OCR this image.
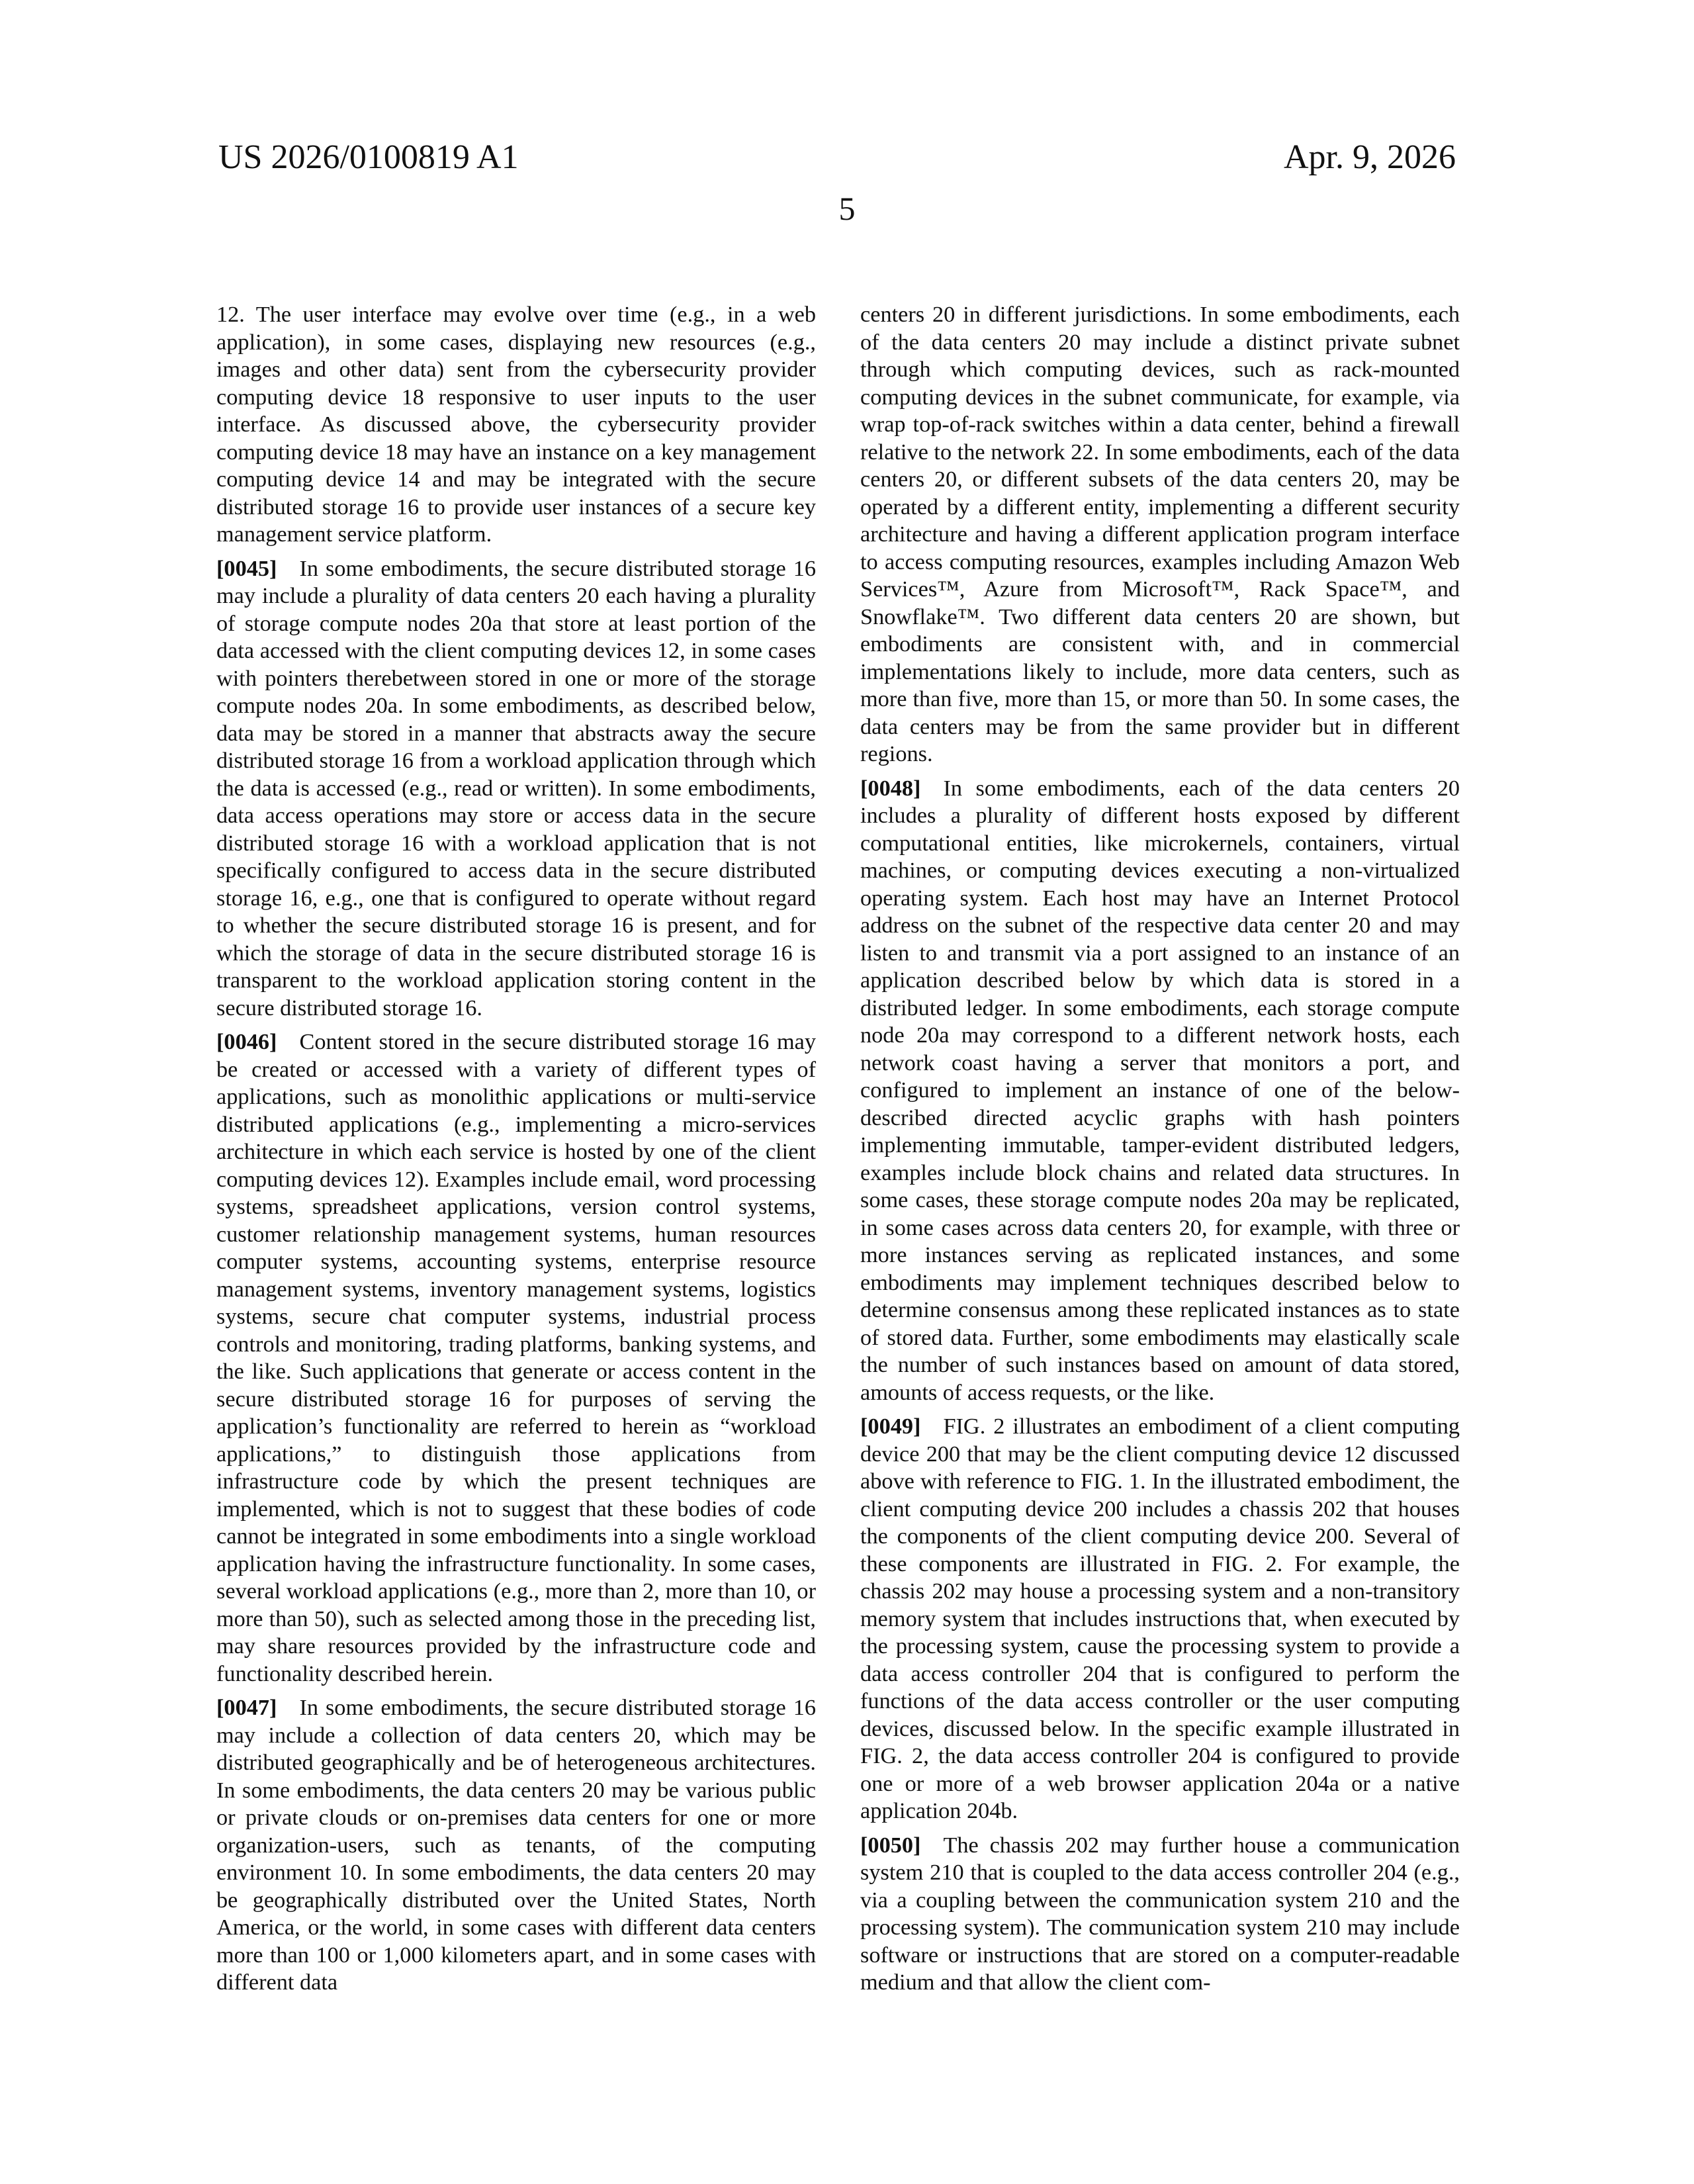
US 2026/0100819 A1	Apr. 9, 2026
5

12. The user interface may evolve over time (e.g., in a web application), in some cases, displaying new resources (e.g., images and other data) sent from the cybersecurity provider computing device 18 responsive to user inputs to the user interface. As discussed above, the cybersecurity provider computing device 18 may have an instance on a key management computing device 14 and may be integrated with the secure distributed storage 16 to provide user instances of a secure key management service platform.

[0045] In some embodiments, the secure distributed storage 16 may include a plurality of data centers 20 each having a plurality of storage compute nodes 20a that store at least portion of the data accessed with the client computing devices 12, in some cases with pointers therebetween stored in one or more of the storage compute nodes 20a. In some embodiments, as described below, data may be stored in a manner that abstracts away the secure distributed storage 16 from a workload application through which the data is accessed (e.g., read or written). In some embodiments, data access operations may store or access data in the secure distributed storage 16 with a workload application that is not specifically configured to access data in the secure distributed storage 16, e.g., one that is configured to operate without regard to whether the secure distributed storage 16 is present, and for which the storage of data in the secure distributed storage 16 is transparent to the workload application storing content in the secure distributed storage 16.

[0046] Content stored in the secure distributed storage 16 may be created or accessed with a variety of different types of applications, such as monolithic applications or multi-service distributed applications (e.g., implementing a micro-services architecture in which each service is hosted by one of the client computing devices 12). Examples include email, word processing systems, spreadsheet applications, version control systems, customer relationship management systems, human resources computer systems, accounting systems, enterprise resource management systems, inventory management systems, logistics systems, secure chat computer systems, industrial process controls and monitoring, trading platforms, banking systems, and the like. Such applications that generate or access content in the secure distributed storage 16 for purposes of serving the application’s functionality are referred to herein as “workload applications,” to distinguish those applications from infrastructure code by which the present techniques are implemented, which is not to suggest that these bodies of code cannot be integrated in some embodiments into a single workload application having the infrastructure functionality. In some cases, several workload applications (e.g., more than 2, more than 10, or more than 50), such as selected among those in the preceding list, may share resources provided by the infrastructure code and functionality described herein.

[0047] In some embodiments, the secure distributed storage 16 may include a collection of data centers 20, which may be distributed geographically and be of heterogeneous architectures. In some embodiments, the data centers 20 may be various public or private clouds or on-premises data centers for one or more organization-users, such as tenants, of the computing environment 10. In some embodiments, the data centers 20 may be geographically distributed over the United States, North America, or the world, in some cases with different data centers more than 100 or 1,000 kilometers apart, and in some cases with different data

centers 20 in different jurisdictions. In some embodiments, each of the data centers 20 may include a distinct private subnet through which computing devices, such as rack-mounted computing devices in the subnet communicate, for example, via wrap top-of-rack switches within a data center, behind a firewall relative to the network 22. In some embodiments, each of the data centers 20, or different subsets of the data centers 20, may be operated by a different entity, implementing a different security architecture and having a different application program interface to access computing resources, examples including Amazon Web Services™, Azure from Microsoft™, Rack Space™, and Snowflake™. Two different data centers 20 are shown, but embodiments are consistent with, and in commercial implementations likely to include, more data centers, such as more than five, more than 15, or more than 50. In some cases, the data centers may be from the same provider but in different regions.

[0048] In some embodiments, each of the data centers 20 includes a plurality of different hosts exposed by different computational entities, like microkernels, containers, virtual machines, or computing devices executing a non-virtualized operating system. Each host may have an Internet Protocol address on the subnet of the respective data center 20 and may listen to and transmit via a port assigned to an instance of an application described below by which data is stored in a distributed ledger. In some embodiments, each storage compute node 20a may correspond to a different network hosts, each network coast having a server that monitors a port, and configured to implement an instance of one of the below-described directed acyclic graphs with hash pointers implementing immutable, tamper-evident distributed ledgers, examples include block chains and related data structures. In some cases, these storage compute nodes 20a may be replicated, in some cases across data centers 20, for example, with three or more instances serving as replicated instances, and some embodiments may implement techniques described below to determine consensus among these replicated instances as to state of stored data. Further, some embodiments may elastically scale the number of such instances based on amount of data stored, amounts of access requests, or the like.

[0049] FIG. 2 illustrates an embodiment of a client computing device 200 that may be the client computing device 12 discussed above with reference to FIG. 1. In the illustrated embodiment, the client computing device 200 includes a chassis 202 that houses the components of the client computing device 200. Several of these components are illustrated in FIG. 2. For example, the chassis 202 may house a processing system and a non-transitory memory system that includes instructions that, when executed by the processing system, cause the processing system to provide a data access controller 204 that is configured to perform the functions of the data access controller or the user computing devices, discussed below. In the specific example illustrated in FIG. 2, the data access controller 204 is configured to provide one or more of a web browser application 204a or a native application 204b.

[0050] The chassis 202 may further house a communication system 210 that is coupled to the data access controller 204 (e.g., via a coupling between the communication system 210 and the processing system). The communication system 210 may include software or instructions that are stored on a computer-readable medium and that allow the client com-
